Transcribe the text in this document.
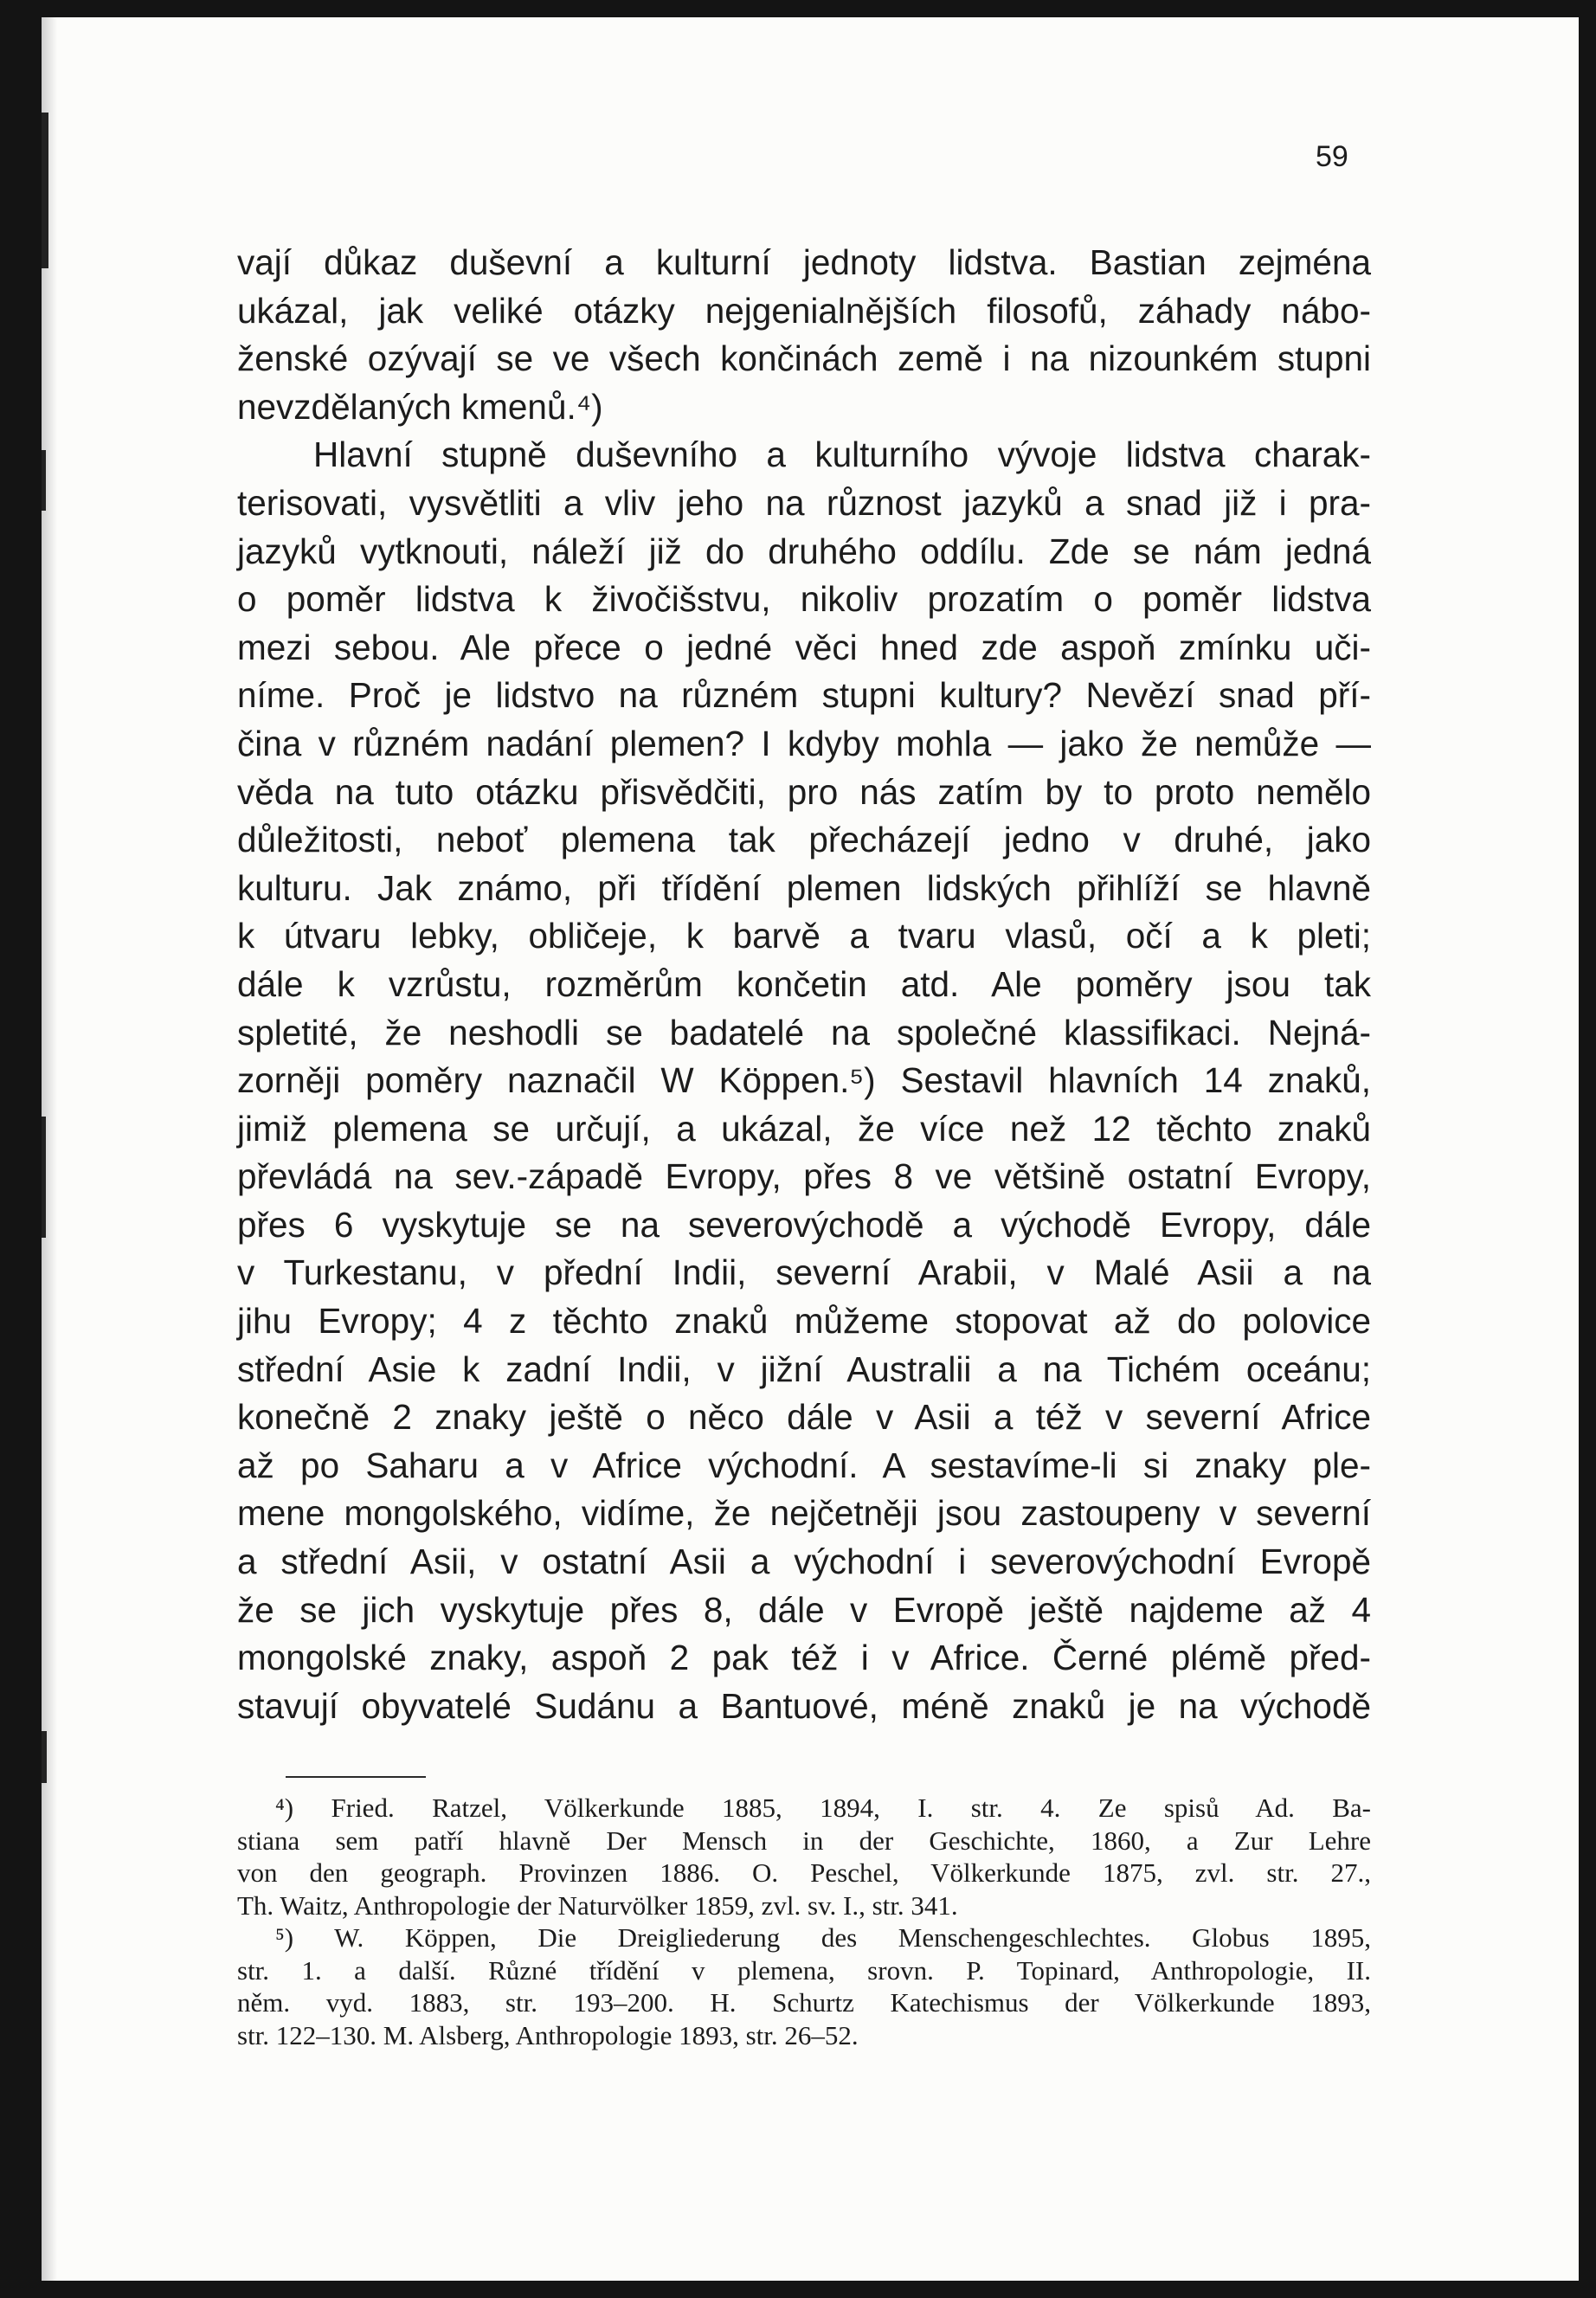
59
vají důkaz duševní a kulturní jednoty lidstva. Bastian zejména
ukázal, jak veliké otázky nejgenialnějších filosofů, záhady nábo-
ženské ozývají se ve všech končinách země i na nizounkém stupni
nevzdělaných kmenů.⁴)
Hlavní stupně duševního a kulturního vývoje lidstva charak-
terisovati, vysvětliti a vliv jeho na různost jazyků a snad již i pra-
jazyků vytknouti, náleží již do druhého oddílu. Zde se nám jedná
o poměr lidstva k živočišstvu, nikoliv prozatím o poměr lidstva
mezi sebou. Ale přece o jedné věci hned zde aspoň zmínku uči-
níme. Proč je lidstvo na různém stupni kultury? Nevězí snad pří-
čina v různém nadání plemen? I kdyby mohla — jako že nemůže —
věda na tuto otázku přisvědčiti, pro nás zatím by to proto nemělo
důležitosti, neboť plemena tak přecházejí jedno v druhé, jako
kulturu. Jak známo, při třídění plemen lidských přihlíží se hlavně
k útvaru lebky, obličeje, k barvě a tvaru vlasů, očí a k pleti;
dále k vzrůstu, rozměrům končetin atd. Ale poměry jsou tak
spletité, že neshodli se badatelé na společné klassifikaci. Nejná-
zorněji poměry naznačil W Köppen.⁵) Sestavil hlavních 14 znaků,
jimiž plemena se určují, a ukázal, že více než 12 těchto znaků
převládá na sev.-západě Evropy, přes 8 ve většině ostatní Evropy,
přes 6 vyskytuje se na severovýchodě a východě Evropy, dále
v Turkestanu, v přední Indii, severní Arabii, v Malé Asii a na
jihu Evropy; 4 z těchto znaků můžeme stopovat až do polovice
střední Asie k zadní Indii, v jižní Australii a na Tichém oceánu;
konečně 2 znaky ještě o něco dále v Asii a též v severní Africe
až po Saharu a v Africe východní. A sestavíme-li si znaky ple-
mene mongolského, vidíme, že nejčetněji jsou zastoupeny v severní
a střední Asii, v ostatní Asii a východní i severovýchodní Evropě
že se jich vyskytuje přes 8, dále v Evropě ještě najdeme až 4
mongolské znaky, aspoň 2 pak též i v Africe. Černé plémě před-
stavují obyvatelé Sudánu a Bantuové, méně znaků je na východě
⁴) Fried. Ratzel, Völkerkunde 1885, 1894, I. str. 4. Ze spisů Ad. Ba-
stiana sem patří hlavně Der Mensch in der Geschichte, 1860, a Zur Lehre
von den geograph. Provinzen 1886. O. Peschel, Völkerkunde 1875, zvl. str. 27.,
Th. Waitz, Anthropologie der Naturvölker 1859, zvl. sv. I., str. 341.
⁵) W. Köppen, Die Dreigliederung des Menschengeschlechtes. Globus 1895,
str. 1. a další. Různé třídění v plemena, srovn. P. Topinard, Anthropologie, II.
něm. vyd. 1883, str. 193–200. H. Schurtz Katechismus der Völkerkunde 1893,
str. 122–130. M. Alsberg, Anthropologie 1893, str. 26–52.
